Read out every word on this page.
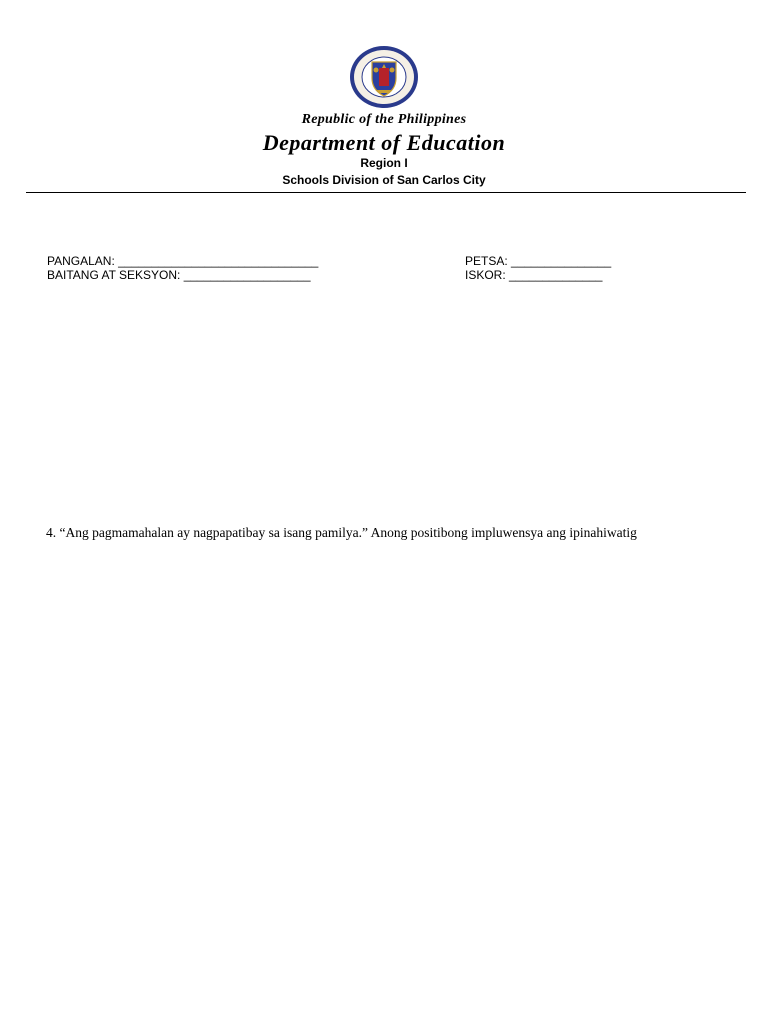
Republic of the Philippines
Department of Education
Region I
Schools Division of San Carlos City
PANGALAN: ______________________________
BAITANG AT SEKSYON: ___________________
PETSA: _______________
ISKOR: ______________
4. “Ang pagmamahalan ay nagpapatibay sa isang pamilya.” Anong positibong impluwensya ang ipinahiwatig
